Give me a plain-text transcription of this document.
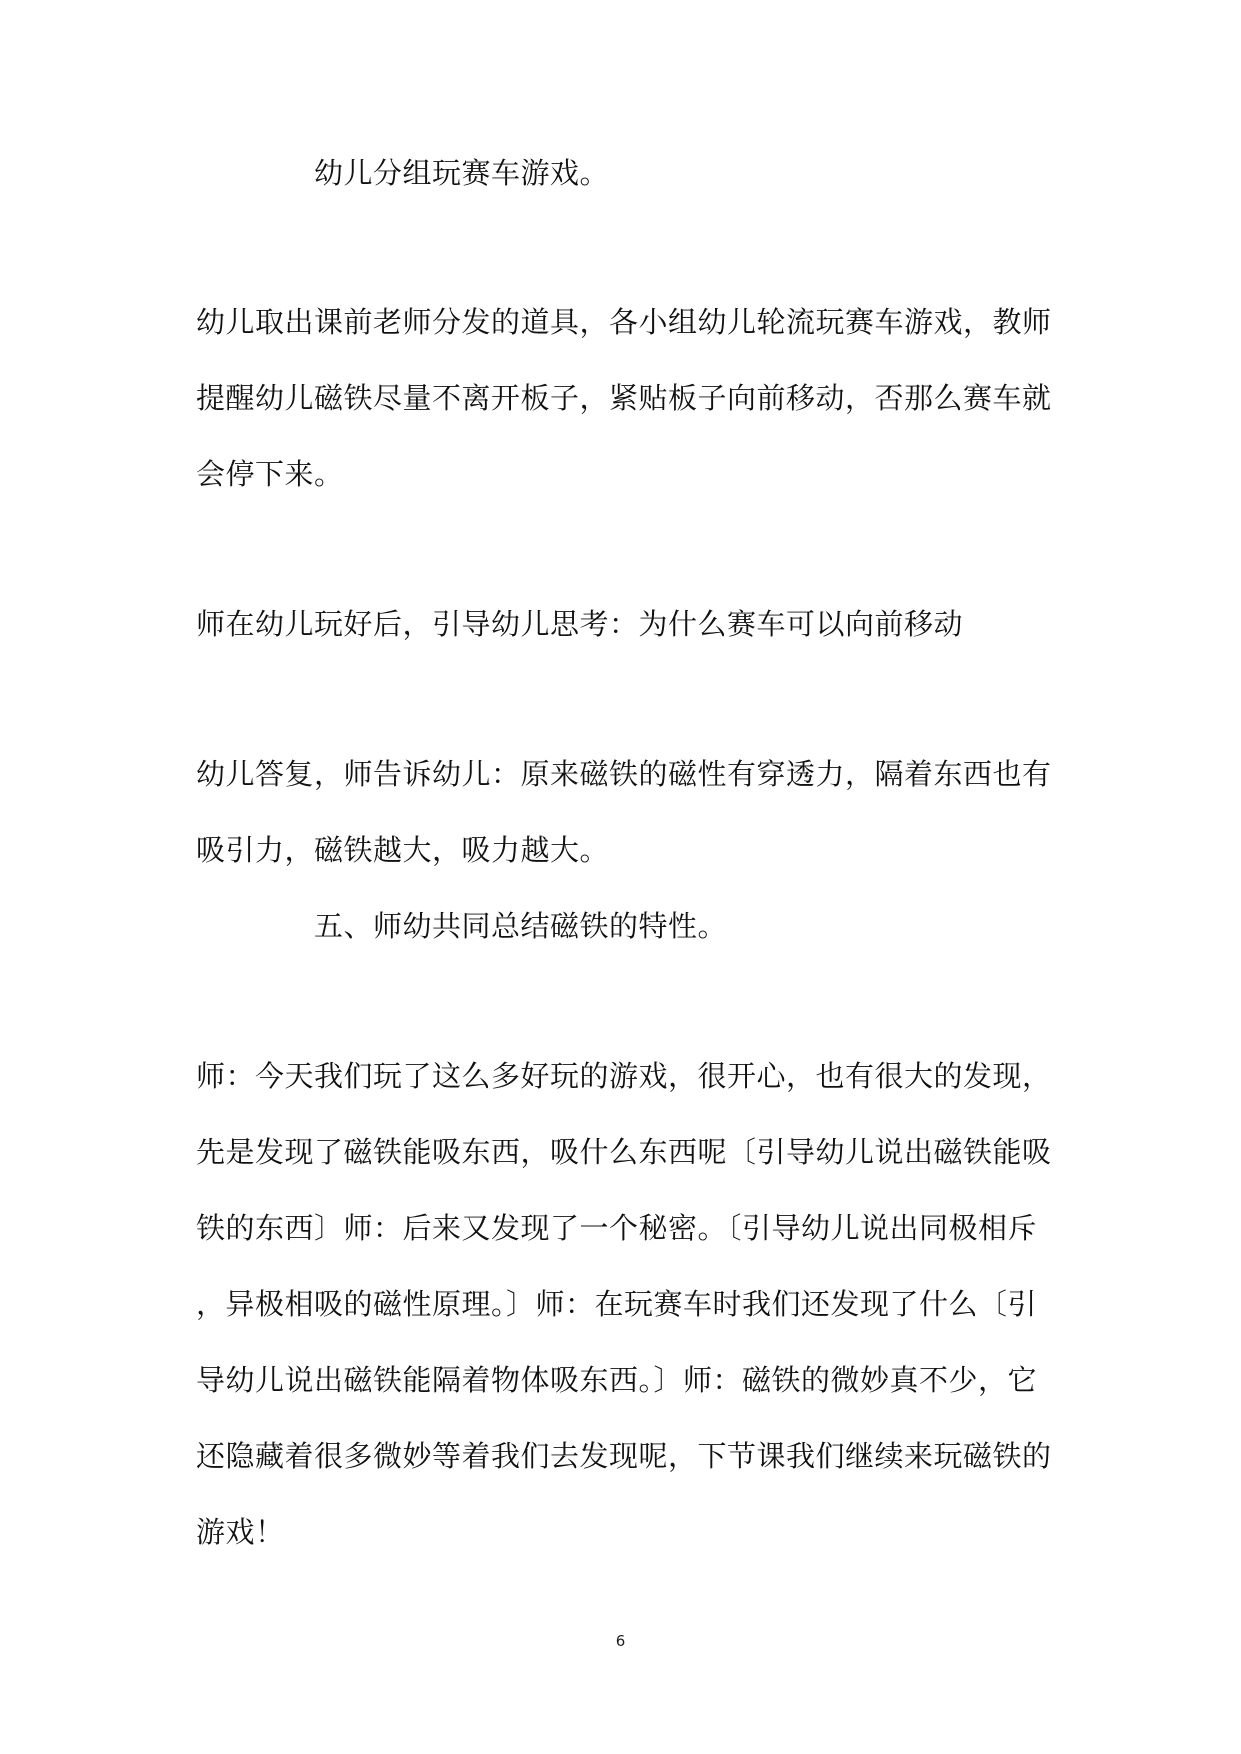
幼儿分组玩赛车游戏。
幼儿取出课前老师分发的道具，各小组幼儿轮流玩赛车游戏，教师
提醒幼儿磁铁尽量不离开板子，紧贴板子向前移动，否那么赛车就
会停下来。
师在幼儿玩好后，引导幼儿思考：为什么赛车可以向前移动
幼儿答复，师告诉幼儿：原来磁铁的磁性有穿透力，隔着东西也有
吸引力，磁铁越大，吸力越大。
五、师幼共同总结磁铁的特性。
师：今天我们玩了这么多好玩的游戏，很开心，也有很大的发现，
先是发现了磁铁能吸东西，吸什么东西呢〔引导幼儿说出磁铁能吸
铁的东西〕师：后来又发现了一个秘密。〔引导幼儿说出同极相斥
，异极相吸的磁性原理。〕师：在玩赛车时我们还发现了什么〔引
导幼儿说出磁铁能隔着物体吸东西。〕师：磁铁的微妙真不少，它
还隐藏着很多微妙等着我们去发现呢，下节课我们继续来玩磁铁的
游戏！
6
